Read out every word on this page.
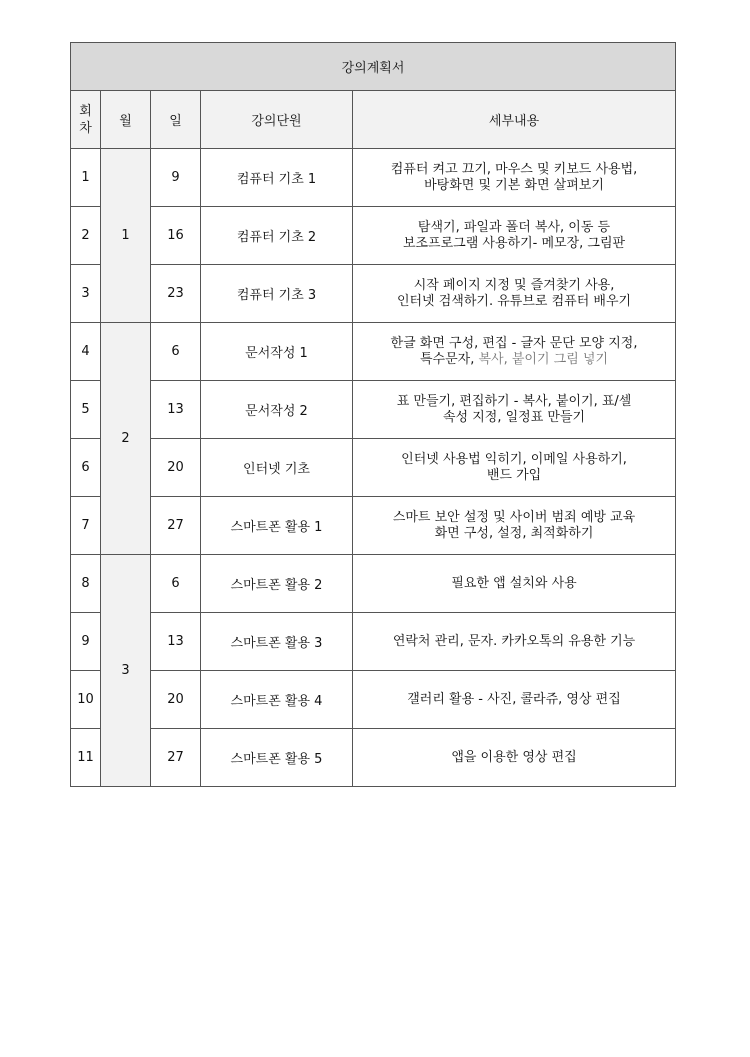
강의계획서				

회
차	월	일	강의단원	세부내용
1	1	9	컴퓨터 기초 1	컴퓨터 켜고 끄기, 마우스 및 키보드 사용법,
바탕화면 및 기본 화면 살펴보기

2		16	컴퓨터 기초 2	탐색기, 파일과 폴더 복사, 이동 등
보조프로그램 사용하기- 메모장, 그림판

3		23	컴퓨터 기초 3	시작 페이지 지정 및 즐겨찾기 사용,
인터넷 검색하기. 유튜브로 컴퓨터 배우기

4	2	6	문서작성 1	한글 화면 구성, 편집 - 글자 문단 모양 지정,
특수문자, 복사, 붙이기 그림 넣기

5		13	문서작성 2	표 만들기, 편집하기 - 복사, 붙이기, 표/셀
속성 지정, 일정표 만들기

6		20	인터넷 기초	인터넷 사용법 익히기, 이메일 사용하기,
밴드 가입

7		27	스마트폰 활용 1	스마트 보안 설정 및 사이버 범죄 예방 교육
화면 구성, 설정, 최적화하기

8	3	6	스마트폰 활용 2	필요한 앱 설치와 사용

9		13	스마트폰 활용 3	연락처 관리, 문자. 카카오톡의 유용한 기능

10		20	스마트폰 활용 4	갤러리 활용 - 사진, 콜라쥬, 영상 편집

11		27	스마트폰 활용 5	앱을 이용한 영상 편집
